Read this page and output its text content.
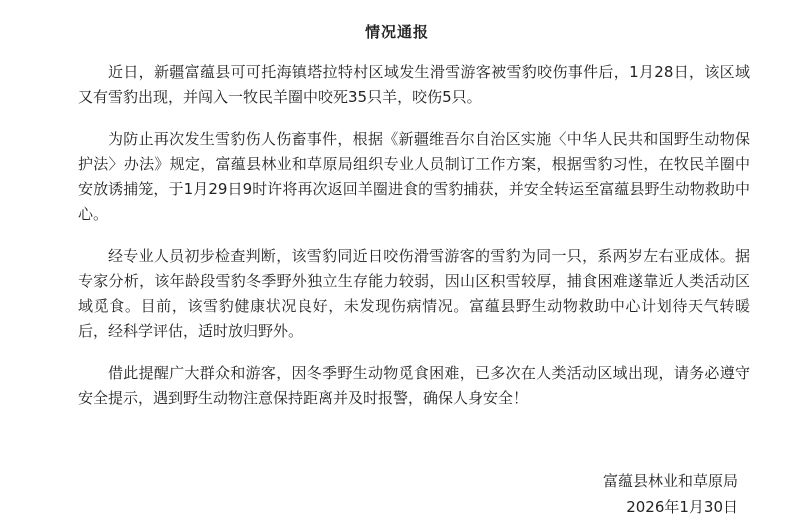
情况通报

近日，新疆富蕴县可可托海镇塔拉特村区域发生滑雪游客被雪豹咬伤事件后，1月28日，该区域又有雪豹出现，并闯入一牧民羊圈中咬死35只羊，咬伤5只。

为防止再次发生雪豹伤人伤畜事件，根据《新疆维吾尔自治区实施〈中华人民共和国野生动物保护法〉办法》规定，富蕴县林业和草原局组织专业人员制订工作方案，根据雪豹习性，在牧民羊圈中安放诱捕笼，于1月29日9时许将再次返回羊圈进食的雪豹捕获，并安全转运至富蕴县野生动物救助中心。

经专业人员初步检查判断，该雪豹同近日咬伤滑雪游客的雪豹为同一只，系两岁左右亚成体。据专家分析，该年龄段雪豹冬季野外独立生存能力较弱，因山区积雪较厚，捕食困难遂靠近人类活动区域觅食。目前，该雪豹健康状况良好，未发现伤病情况。富蕴县野生动物救助中心计划待天气转暖后，经科学评估，适时放归野外。

借此提醒广大群众和游客，因冬季野生动物觅食困难，已多次在人类活动区域出现，请务必遵守安全提示，遇到野生动物注意保持距离并及时报警，确保人身安全！

富蕴县林业和草原局
2026年1月30日
